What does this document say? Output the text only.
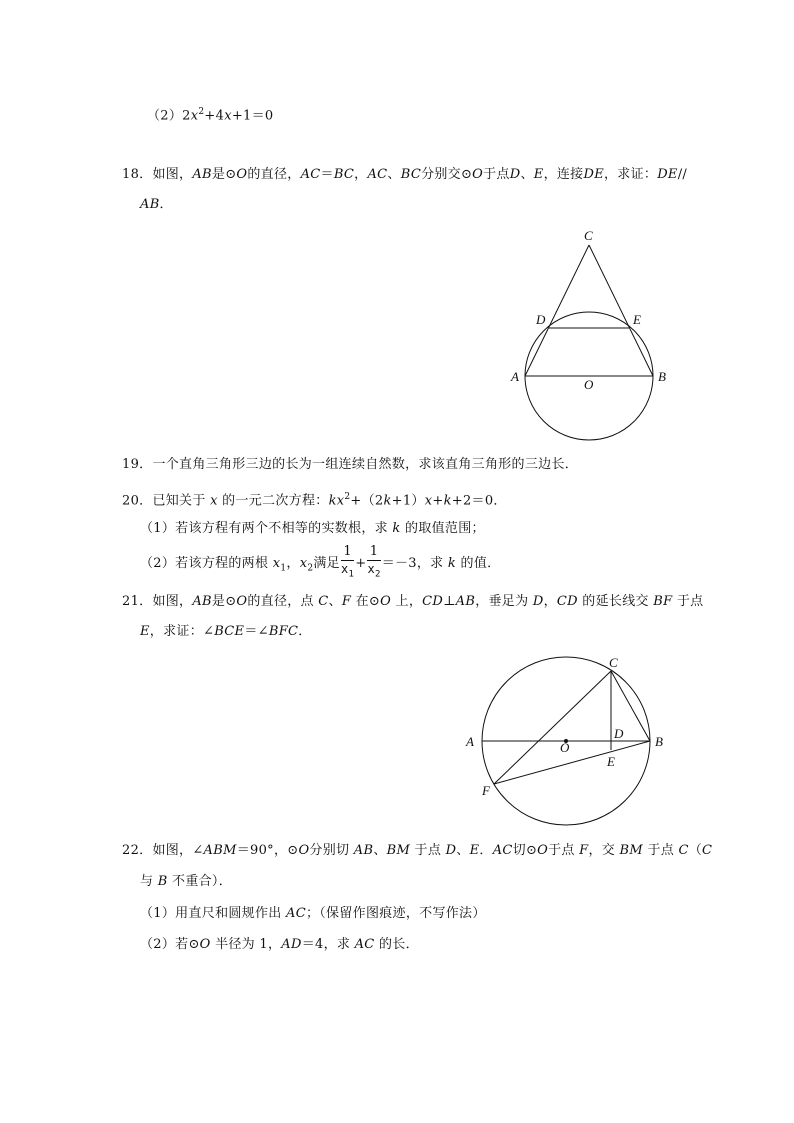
$(2)2x^2+4x+1=0$
18．如图，AB是⊙O的直径，AC＝BC，AC、BC分别交⊙O于点D、E，连接DE，求证：DE//
AB．
C
D	E
A
O
B
19．一个直角三角形三边的长为一组连续自然数，求该直角三角形的三边长．
20．已知关于 x 的一元二次方程：$kx^2+(2k+1)x+k+2=0$．
（1）若该方程有两个不相等的实数根，求 k 的取值范围；
（2）若该方程的两根 $x_1$，$x_2$满足 $\frac{1}{x_1} + \frac{1}{x_2} =-3$，求 k 的值．
21．如图，AB是⊙O的直径，点 C、F 在⊙O 上，CD⊥AB，垂足为 D，CD 的延长线交 BF 于点
E，求证：∠BCE＝∠BFC．
C
A
D
O	B
E
F
22．如图，∠ABM＝90°，⊙O分别切 AB、BM 于点 D、E．AC切⊙O于点 F，交 BM 于点 C（C
与 B 不重合）．
（1）用直尺和圆规作出 AC；（保留作图痕迹，不写作法）
（2）若⊙O 半径为 1，AD＝4，求 AC 的长．
